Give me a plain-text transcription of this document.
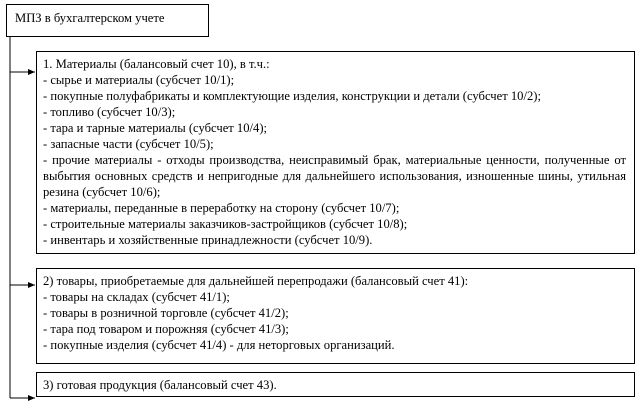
МПЗ в бухгалтерском учете
1. Материалы (балансовый счет 10), в т.ч.:
- сырье и материалы (субсчет 10/1);
- покупные полуфабрикаты и комплектующие изделия, конструкции и детали (субсчет 10/2);
- топливо (субсчет 10/3);
- тара и тарные материалы (субсчет 10/4);
- запасные части (субсчет 10/5);
- прочие материалы - отходы производства, неисправимый брак, материальные ценности, полученные от выбытия основных средств и непригодные для дальнейшего использования, изношенные шины, утильная резина (субсчет 10/6);
- материалы, переданные в переработку на сторону (субсчет 10/7);
- строительные материалы заказчиков-застройщиков (субсчет 10/8);
- инвентарь и хозяйственные принадлежности (субсчет 10/9).
2) товары, приобретаемые для дальнейшей перепродажи (балансовый счет 41):
- товары на складах (субсчет 41/1);
- товары в розничной торговле (субсчет 41/2);
- тара под товаром и порожняя (субсчет 41/3);
- покупные изделия (субсчет 41/4) - для неторговых организаций.
3) готовая продукция (балансовый счет 43).
